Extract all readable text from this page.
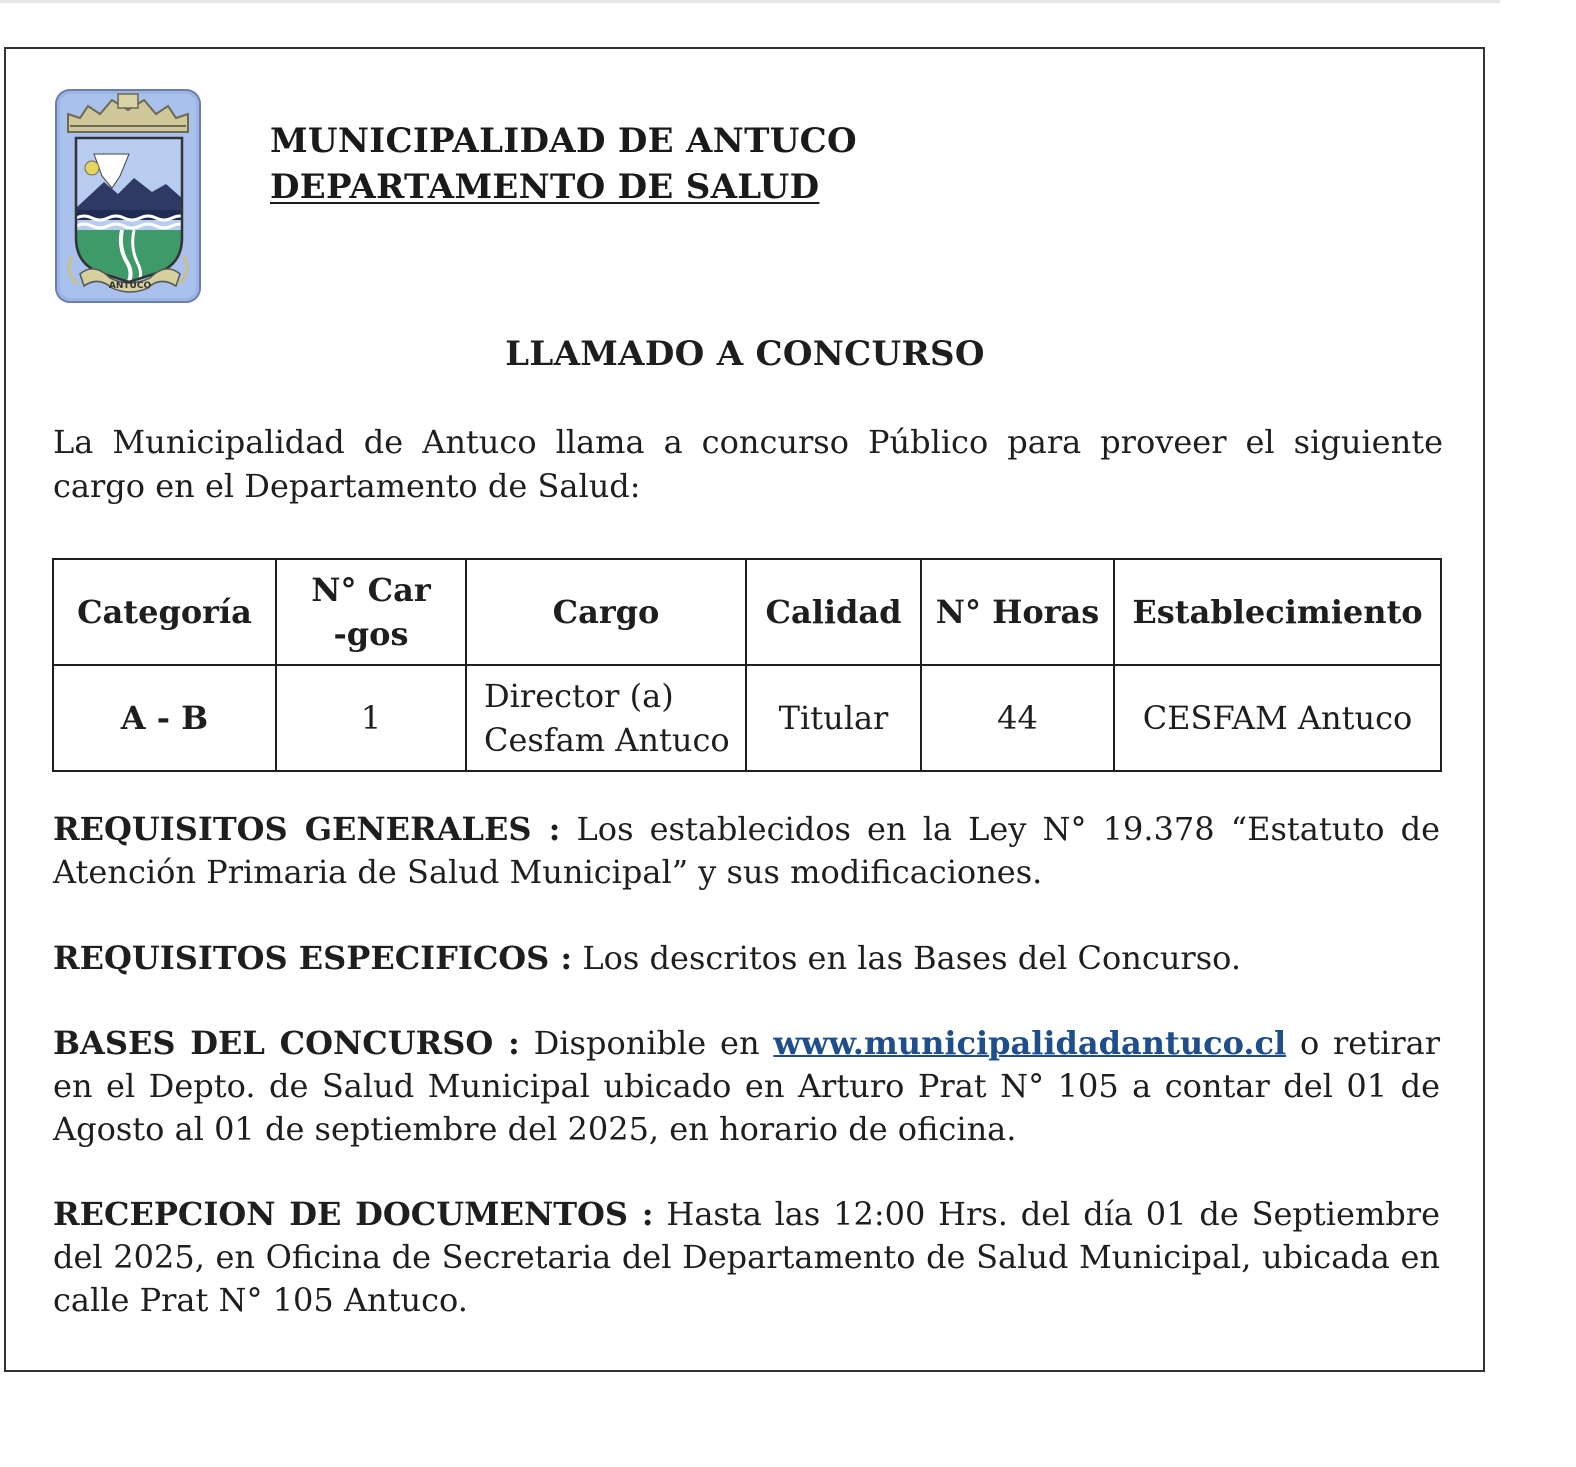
ANTUCO
MUNICIPALIDAD DE ANTUCO
DEPARTAMENTO DE SALUD
LLAMADO A CONCURSO
La Municipalidad de Antuco llama a concurso Público para proveer el siguiente cargo en el Departamento de Salud:
Categoría	N° Car-gos	Cargo	Calidad	N° Horas	Establecimiento
A - B	1	Director (a) Cesfam Antuco	Titular	44	CESFAM Antuco
REQUISITOS GENERALES : Los establecidos en la Ley N° 19.378 “Estatuto de Atención Primaria de Salud Municipal” y sus modificaciones.
REQUISITOS ESPECIFICOS : Los descritos en las Bases del Concurso.
BASES DEL CONCURSO : Disponible en www.municipalidadantuco.cl o retirar en el Depto. de Salud Municipal ubicado en Arturo Prat N° 105 a contar del 01 de Agosto al 01 de septiembre del 2025, en horario de oficina.
RECEPCION DE DOCUMENTOS : Hasta las 12:00 Hrs. del día 01 de Septiembre del 2025, en Oficina de Secretaria del Departamento de Salud Municipal, ubicada en calle Prat N° 105 Antuco.
